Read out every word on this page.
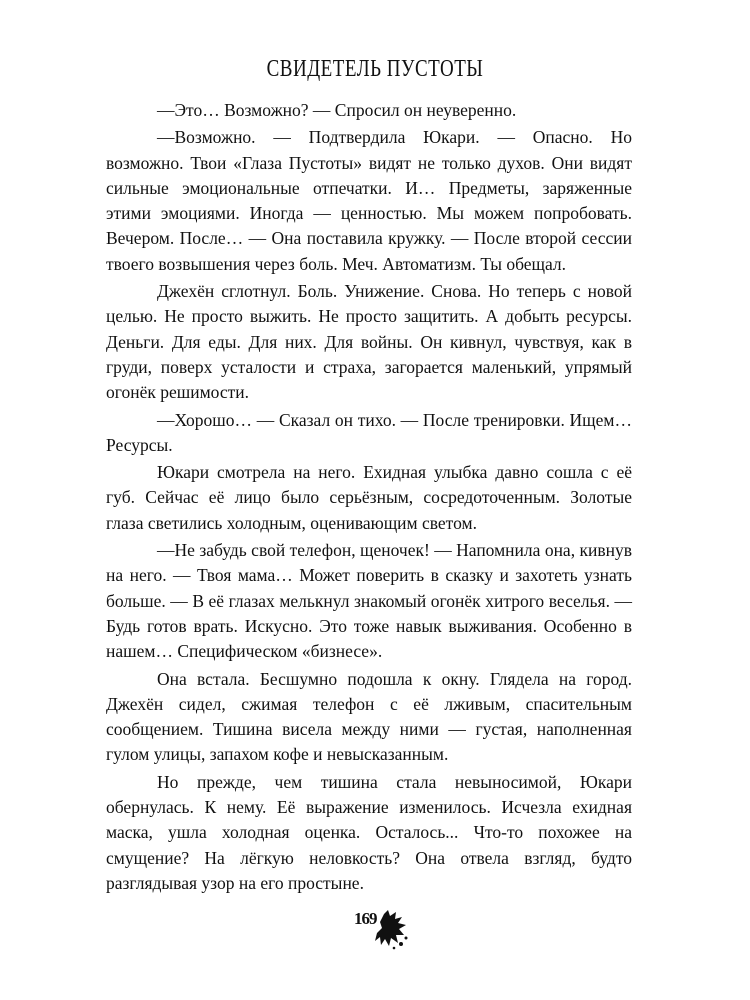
СВИДЕТЕЛЬ ПУСТОТЫ

—Это… Возможно? — Спросил он неуверенно.

—Возможно. — Подтвердила Юкари. — Опасно. Но возможно. Твои «Глаза Пустоты» видят не только духов. Они видят сильные эмоциональные отпечатки. И… Предметы, заряженные этими эмоциями. Иногда — ценностью. Мы можем попробовать. Вечером. После… — Она поставила кружку. — После второй сессии твоего возвышения через боль. Меч. Автоматизм. Ты обещал.

Джехён сглотнул. Боль. Унижение. Снова. Но теперь с новой целью. Не просто выжить. Не просто защитить. А добыть ресурсы. Деньги. Для еды. Для них. Для войны. Он кивнул, чувствуя, как в груди, поверх усталости и страха, загорается маленький, упрямый огонёк решимости.

—Хорошо… — Сказал он тихо. — После тренировки. Ищем… Ресурсы.

Юкари смотрела на него. Ехидная улыбка давно сошла с её губ. Сейчас её лицо было серьёзным, сосредоточенным. Золотые глаза светились холодным, оценивающим светом.

—Не забудь свой телефон, щеночек! — Напомнила она, кивнув на него. — Твоя мама… Может поверить в сказку и захотеть узнать больше. — В её глазах мелькнул знакомый огонёк хитрого веселья. — Будь готов врать. Искусно. Это тоже навык выживания. Особенно в нашем… Специфическом «бизнесе».

Она встала. Бесшумно подошла к окну. Глядела на город. Джехён сидел, сжимая телефон с её лживым, спасительным сообщением. Тишина висела между ними — густая, наполненная гулом улицы, запахом кофе и невысказанным.

Но прежде, чем тишина стала невыносимой, Юкари обернулась. К нему. Её выражение изменилось. Исчезла ехидная маска, ушла холодная оценка. Осталось... Что-то похожее на смущение? На лёгкую неловкость? Она отвела взгляд, будто разглядывая узор на его простыне.

169
